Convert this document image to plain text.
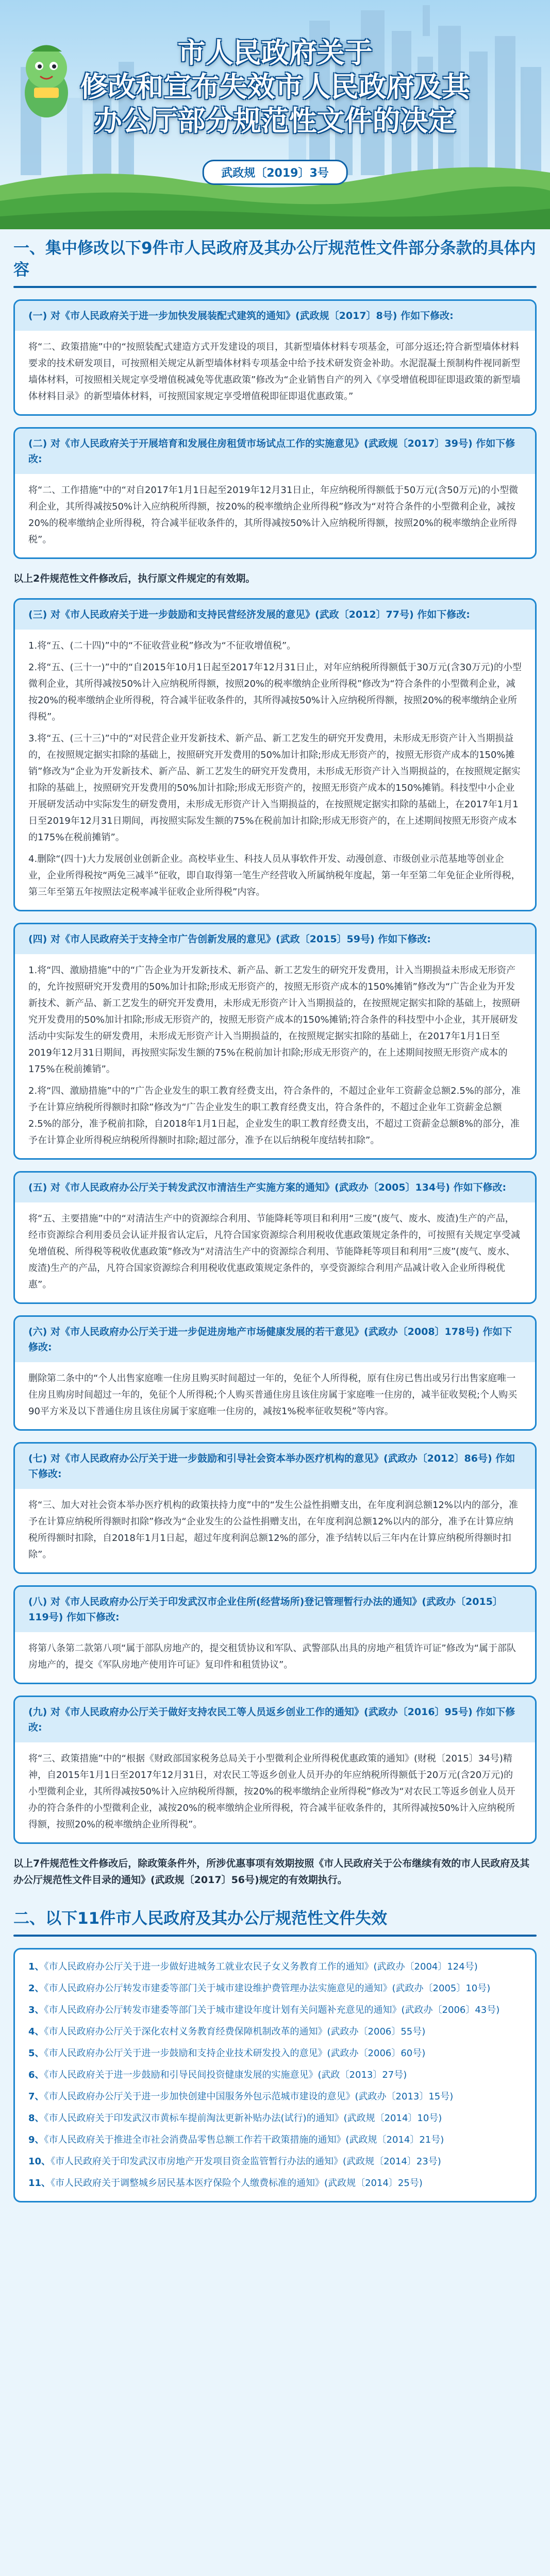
市人民政府关于
修改和宣布失效市人民政府及其
办公厅部分规范性文件的决定
武政规〔2019〕3号
一、集中修改以下9件市人民政府及其办公厅规范性文件部分条款的具体内容
(一) 对《市人民政府关于进一步加快发展装配式建筑的通知》(武政规〔2017〕8号) 作如下修改:

将“二、政策措施”中的“按照装配式建造方式开发建设的项目，其新型墙体材料专项基金，可部分返还;符合新型墙体材料要求的技术研发项目，可按照相关规定从新型墙体材料专项基金中给予技术研发资金补助。水泥混凝土预制构件视同新型墙体材料，可按照相关规定享受增值税减免等优惠政策”修改为“企业销售自产的列入《享受增值税即征即退政策的新型墙体材料目录》的新型墙体材料，可按照国家规定享受增值税即征即退优惠政策。”

(二) 对《市人民政府关于开展培育和发展住房租赁市场试点工作的实施意见》(武政规〔2017〕39号) 作如下修改:

将“二、工作措施”中的“对自2017年1月1日起至2019年12月31日止，年应纳税所得额低于50万元(含50万元)的小型微利企业，其所得减按50%计入应纳税所得额，按20%的税率缴纳企业所得税”修改为“对符合条件的小型微利企业，减按20%的税率缴纳企业所得税，符合减半征收条件的，其所得减按50%计入应纳税所得额，按照20%的税率缴纳企业所得税”。

以上2件规范性文件修改后，执行原文件规定的有效期。
(三) 对《市人民政府关于进一步鼓励和支持民营经济发展的意见》(武政〔2012〕77号) 作如下修改:

1.将“五、(二十四)”中的“不征收营业税”修改为“不征收增值税”。

2.将“五、(三十一)”中的“自2015年10月1日起至2017年12月31日止，对年应纳税所得额低于30万元(含30万元)的小型微利企业，其所得减按50%计入应纳税所得额，按照20%的税率缴纳企业所得税”修改为“符合条件的小型微利企业，减按20%的税率缴纳企业所得税，符合减半征收条件的，其所得减按50%计入应纳税所得额，按照20%的税率缴纳企业所得税”。

3.将“五、(三十三)”中的“对民营企业开发新技术、新产品、新工艺发生的研究开发费用，未形成无形资产计入当期损益的，在按照规定据实扣除的基础上，按照研究开发费用的50%加计扣除;形成无形资产的，按照无形资产成本的150%摊销”修改为“企业为开发新技术、新产品、新工艺发生的研究开发费用，未形成无形资产计入当期损益的，在按照规定据实扣除的基础上，按照研究开发费用的50%加计扣除;形成无形资产的，按照无形资产成本的150%摊销。科技型中小企业开展研发活动中实际发生的研发费用，未形成无形资产计入当期损益的，在按照规定据实扣除的基础上，在2017年1月1日至2019年12月31日期间，再按照实际发生额的75%在税前加计扣除;形成无形资产的，在上述期间按照无形资产成本的175%在税前摊销”。

4.删除“(四十)大力发展创业创新企业。高校毕业生、科技人员从事软件开发、动漫创意、市级创业示范基地等创业企业，企业所得税按“两免三减半”征收，即自取得第一笔生产经营收入所属纳税年度起，第一年至第二年免征企业所得税，第三年至第五年按照法定税率减半征收企业所得税”内容。

(四) 对《市人民政府关于支持全市广告创新发展的意见》(武政〔2015〕59号) 作如下修改:

1.将“四、激励措施”中的“广告企业为开发新技术、新产品、新工艺发生的研究开发费用，计入当期损益未形成无形资产的，允许按照研究开发费用的50%加计扣除;形成无形资产的，按照无形资产成本的150%摊销”修改为“广告企业为开发新技术、新产品、新工艺发生的研究开发费用，未形成无形资产计入当期损益的，在按照规定据实扣除的基础上，按照研究开发费用的50%加计扣除;形成无形资产的，按照无形资产成本的150%摊销;符合条件的科技型中小企业，其开展研发活动中实际发生的研发费用，未形成无形资产计入当期损益的，在按照规定据实扣除的基础上，在2017年1月1日至2019年12月31日期间，再按照实际发生额的75%在税前加计扣除;形成无形资产的，在上述期间按照无形资产成本的175%在税前摊销”。

2.将“四、激励措施”中的“广告企业发生的职工教育经费支出，符合条件的，不超过企业年工资薪金总额2.5%的部分，准予在计算应纳税所得额时扣除”修改为“广告企业发生的职工教育经费支出，符合条件的，不超过企业年工资薪金总额2.5%的部分，准予税前扣除，自2018年1月1日起，企业发生的职工教育经费支出，不超过工资薪金总额8%的部分，准予在计算企业所得税应纳税所得额时扣除;超过部分，准予在以后纳税年度结转扣除”。

(五) 对《市人民政府办公厅关于转发武汉市清洁生产实施方案的通知》(武政办〔2005〕134号) 作如下修改:

将“五、主要措施”中的“对清洁生产中的资源综合利用、节能降耗等项目和利用“三废”(废气、废水、废渣)生产的产品，经市资源综合利用委员会认证并报省认定后，凡符合国家资源综合利用税收优惠政策规定条件的，可按照有关规定享受减免增值税、所得税等税收优惠政策”修改为“对清洁生产中的资源综合利用、节能降耗等项目和利用“三废”(废气、废水、废渣)生产的产品，凡符合国家资源综合利用税收优惠政策规定条件的，享受资源综合利用产品减计收入企业所得税优惠”。

(六) 对《市人民政府办公厅关于进一步促进房地产市场健康发展的若干意见》(武政办〔2008〕178号) 作如下修改:

删除第二条中的“个人出售家庭唯一住房且购买时间超过一年的，免征个人所得税，原有住房已售出或另行出售家庭唯一住房且购房时间超过一年的，免征个人所得税;个人购买普通住房且该住房属于家庭唯一住房的，减半征收契税;个人购买90平方米及以下普通住房且该住房属于家庭唯一住房的，减按1%税率征收契税”等内容。

(七) 对《市人民政府办公厅关于进一步鼓励和引导社会资本举办医疗机构的意见》(武政办〔2012〕86号) 作如下修改:

将“三、加大对社会资本举办医疗机构的政策扶持力度”中的“发生公益性捐赠支出，在年度利润总额12%以内的部分，准予在计算应纳税所得额时扣除”修改为“企业发生的公益性捐赠支出，在年度利润总额12%以内的部分，准予在计算应纳税所得额时扣除，自2018年1月1日起，超过年度利润总额12%的部分，准予结转以后三年内在计算应纳税所得额时扣除”。

(八) 对《市人民政府办公厅关于印发武汉市企业住所(经营场所)登记管理暂行办法的通知》(武政办〔2015〕119号) 作如下修改:

将第八条第二款第八项“属于部队房地产的，提交租赁协议和军队、武警部队出具的房地产租赁许可证”修改为“属于部队房地产的，提交《军队房地产使用许可证》复印件和租赁协议”。

(九) 对《市人民政府办公厅关于做好支持农民工等人员返乡创业工作的通知》(武政办〔2016〕95号) 作如下修改:

将“三、政策措施”中的“根据《财政部国家税务总局关于小型微利企业所得税优惠政策的通知》(财税〔2015〕34号)精神，自2015年1月1日至2017年12月31日，对农民工等返乡创业人员开办的年应纳税所得额低于20万元(含20万元)的小型微利企业，其所得减按50%计入应纳税所得额，按20%的税率缴纳企业所得税”修改为“对农民工等返乡创业人员开办的符合条件的小型微利企业，减按20%的税率缴纳企业所得税，符合减半征收条件的，其所得减按50%计入应纳税所得额，按照20%的税率缴纳企业所得税”。

以上7件规范性文件修改后，除政策条件外，所涉优惠事项有效期按照《市人民政府关于公布继续有效的市人民政府及其办公厅规范性文件目录的通知》(武政规〔2017〕56号)规定的有效期执行。
二、以下11件市人民政府及其办公厅规范性文件失效
1、《市人民政府办公厅关于进一步做好进城务工就业农民子女义务教育工作的通知》(武政办〔2004〕124号)
2、《市人民政府办公厅转发市建委等部门关于城市建设维护费管理办法实施意见的通知》(武政办〔2005〕10号)
3、《市人民政府办公厅转发市建委等部门关于城市建设年度计划有关问题补充意见的通知》(武政办〔2006〕43号)
4、《市人民政府办公厅关于深化农村义务教育经费保障机制改革的通知》(武政办〔2006〕55号)
5、《市人民政府办公厅关于进一步鼓励和支持企业技术研发投入的意见》(武政办〔2006〕60号)
6、《市人民政府关于进一步鼓励和引导民间投资健康发展的实施意见》(武政〔2013〕27号)
7、《市人民政府办公厅关于进一步加快创建中国服务外包示范城市建设的意见》(武政办〔2013〕15号)
8、《市人民政府关于印发武汉市黄标车提前淘汰更新补贴办法(试行)的通知》(武政规〔2014〕10号)
9、《市人民政府关于推进全市社会消费品零售总额工作若干政策措施的通知》(武政规〔2014〕21号)
10、《市人民政府关于印发武汉市房地产开发项目资金监管暂行办法的通知》(武政规〔2014〕23号)
11、《市人民政府关于调整城乡居民基本医疗保险个人缴费标准的通知》(武政规〔2014〕25号)
